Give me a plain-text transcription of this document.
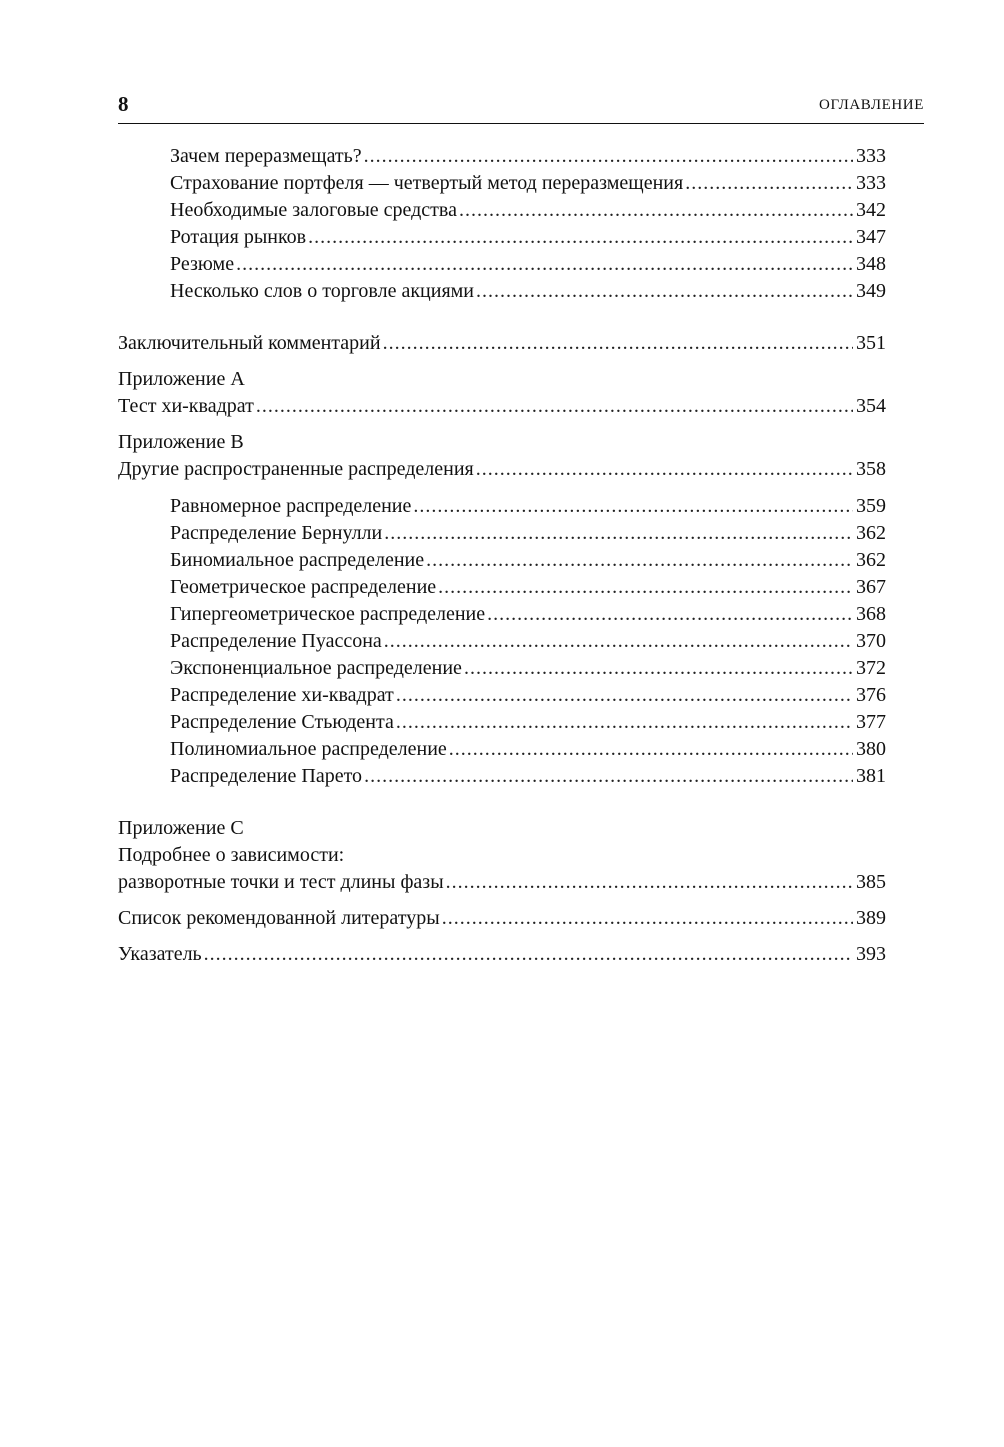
8	ОГЛАВЛЕНИЕ
Зачем переразмещать? .....	333
Страхование портфеля — четвертый метод переразмещения .....	333
Необходимые залоговые средства .....	342
Ротация рынков .....	347
Резюме .....	348
Несколько слов о торговле акциями .....	349
Заключительный комментарий .....	351
Приложение А
Тест хи-квадрат .....	354
Приложение В
Другие распространенные распределения .....	358
Равномерное распределение .....	359
Распределение Бернулли .....	362
Биномиальное распределение .....	362
Геометрическое распределение .....	367
Гипергеометрическое распределение .....	368
Распределение Пуассона .....	370
Экспоненциальное распределение .....	372
Распределение хи-квадрат .....	376
Распределение Стьюдента .....	377
Полиномиальное распределение .....	380
Распределение Парето .....	381
Приложение С
Подробнее о зависимости:
разворотные точки и тест длины фазы .....	385
Список рекомендованной литературы .....	389
Указатель .....	393
